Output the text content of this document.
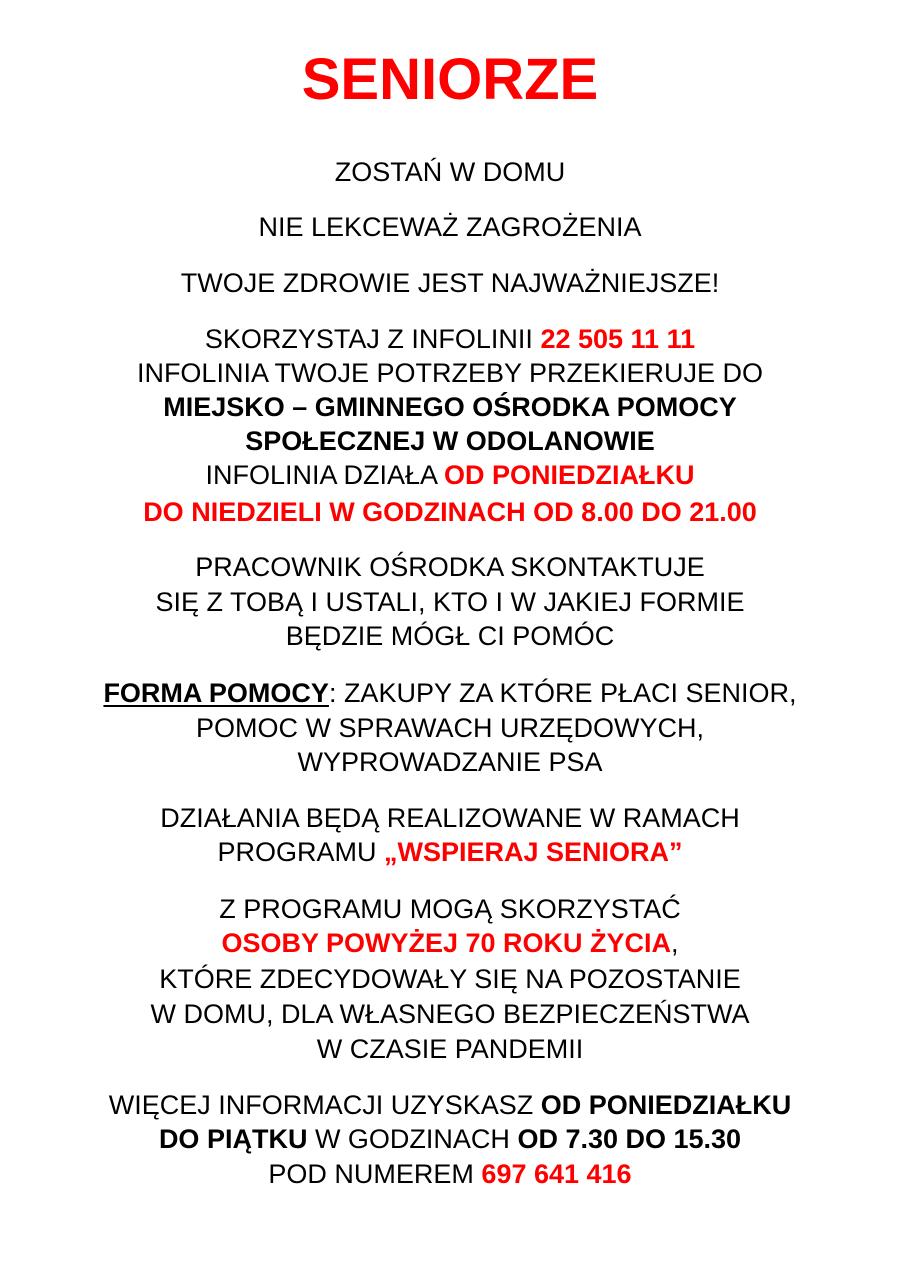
SENIORZE
ZOSTAŃ W DOMU
NIE LEKCEWAŻ ZAGROŻENIA
TWOJE ZDROWIE JEST NAJWAŻNIEJSZE!
SKORZYSTAJ Z INFOLINII 22 505 11 11
INFOLINIA TWOJE POTRZEBY PRZEKIERUJE DO
MIEJSKO – GMINNEGO OŚRODKA POMOCY
SPOŁECZNEJ W ODOLANOWIE
INFOLINIA DZIAŁA OD PONIEDZIAŁKU
DO NIEDZIELI W GODZINACH OD 8.00 DO 21.00
PRACOWNIK OŚRODKA SKONTAKTUJE
SIĘ Z TOBĄ I USTALI, KTO I W JAKIEJ FORMIE
BĘDZIE MÓGŁ CI POMÓC
FORMA POMOCY: ZAKUPY ZA KTÓRE PŁACI SENIOR,
POMOC W SPRAWACH URZĘDOWYCH,
WYPROWADZANIE PSA
DZIAŁANIA BĘDĄ REALIZOWANE W RAMACH
PROGRAMU „WSPIERAJ SENIORA”
Z PROGRAMU MOGĄ SKORZYSTAĆ
OSOBY POWYŻEJ 70 ROKU ŻYCIA,
KTÓRE ZDECYDOWAŁY SIĘ NA POZOSTANIE
W DOMU, DLA WŁASNEGO BEZPIECZEŃSTWA
W CZASIE PANDEMII
WIĘCEJ INFORMACJI UZYSKASZ OD PONIEDZIAŁKU
DO PIĄTKU W GODZINACH OD 7.30 DO 15.30
POD NUMEREM 697 641 416
